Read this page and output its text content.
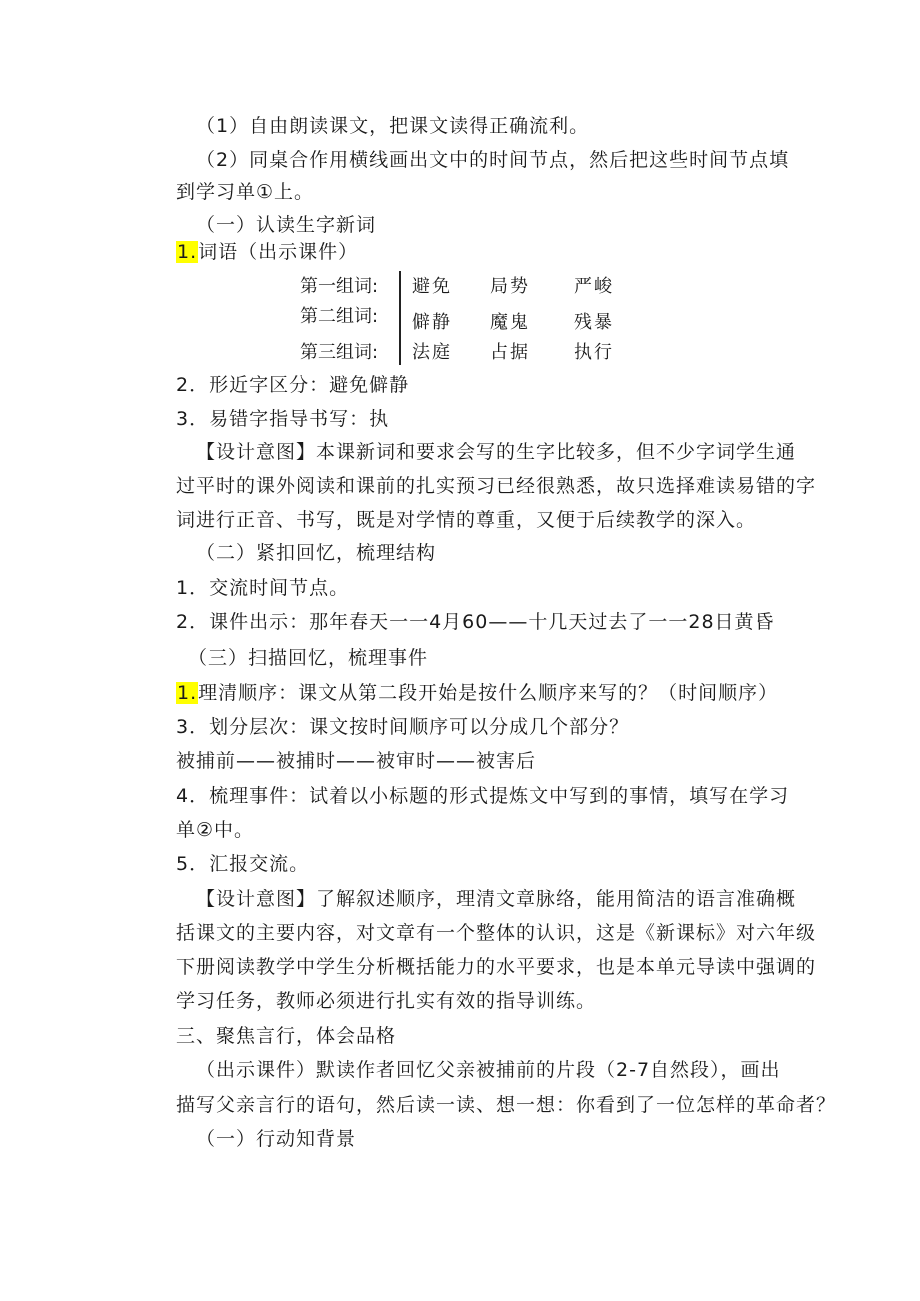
（1）自由朗读课文，把课文读得正确流利。
（2）同桌合作用横线画出文中的时间节点，然后把这些时间节点填
到学习单①上。
（一）认读生字新词
1.词语（出示课件）
第一组词: 避免 局势 严峻
第二组词: 僻静 魔鬼 残暴
第三组词: 法庭 占据 执行
2．形近字区分：避免僻静
3．易错字指导书写：执
【设计意图】本课新词和要求会写的生字比较多，但不少字词学生通
过平时的课外阅读和课前的扎实预习已经很熟悉，故只选择难读易错的字
词进行正音、书写，既是对学情的尊重，又便于后续教学的深入。
（二）紧扣回忆，梳理结构
1．交流时间节点。
2．课件出示：那年春天一一4月60——十几天过去了一一28日黄昏
（三）扫描回忆，梳理事件
1.理清顺序：课文从第二段开始是按什么顺序来写的？（时间顺序）
3．划分层次：课文按时间顺序可以分成几个部分？
被捕前——被捕时——被审时——被害后
4．梳理事件：试着以小标题的形式提炼文中写到的事情，填写在学习
单②中。
5．汇报交流。
【设计意图】了解叙述顺序，理清文章脉络，能用简洁的语言准确概
括课文的主要内容，对文章有一个整体的认识，这是《新课标》对六年级
下册阅读教学中学生分析概括能力的水平要求，也是本单元导读中强调的
学习任务，教师必须进行扎实有效的指导训练。
三、聚焦言行，体会品格
（出示课件）默读作者回忆父亲被捕前的片段（2-7自然段），画出
描写父亲言行的语句，然后读一读、想一想：你看到了一位怎样的革命者？
（一）行动知背景
